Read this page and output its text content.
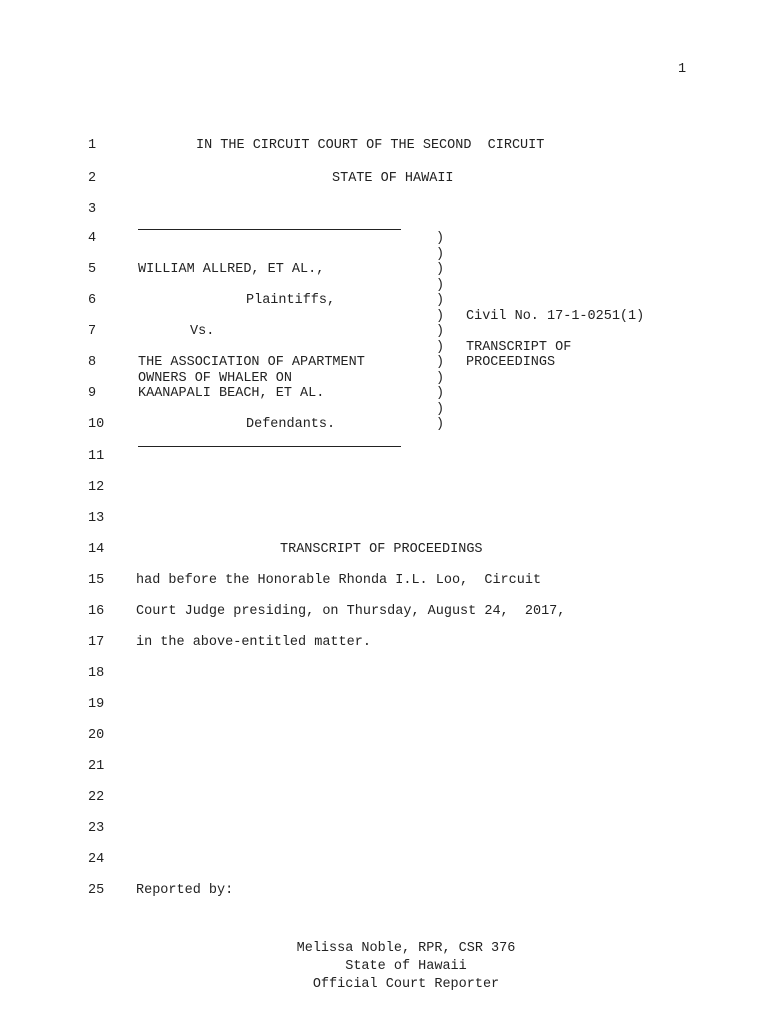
1
1
2
3
4
5
6
7
8
9
10
11
12
13
14
15
16
17
18
19
20
21
22
23
24
25
IN THE CIRCUIT COURT OF THE SECOND  CIRCUIT
STATE OF HAWAII
WILLIAM ALLRED, ET AL.,
Plaintiffs,
Vs.
THE ASSOCIATION OF APARTMENT
OWNERS OF WHALER ON
KAANAPALI BEACH, ET AL.
Defendants.
)
)
)
)
)
)
)
)
)
)
)
)
)
Civil No. 17-1-0251(1)
TRANSCRIPT OF
PROCEEDINGS
TRANSCRIPT OF PROCEEDINGS
had before the Honorable Rhonda I.L. Loo,  Circuit
Court Judge presiding, on Thursday, August 24,  2017,
in the above-entitled matter.
Reported by:
Melissa Noble, RPR, CSR 376
State of Hawaii
Official Court Reporter
